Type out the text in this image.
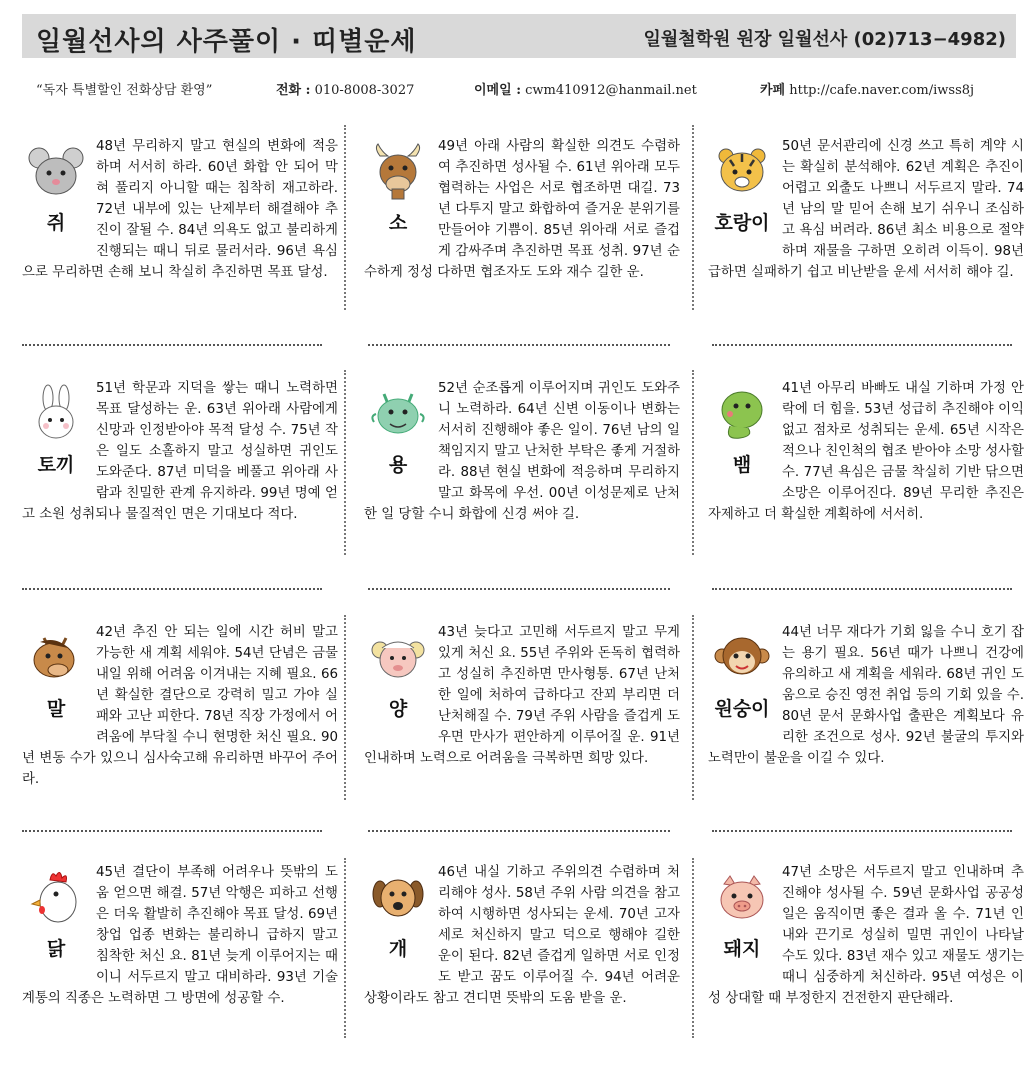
일월선사의 사주풀이 · 띠별운세	일월철학원 원장 일월선사 (02)713−4982)
“독자 특별할인 전화상담 환영”	전화 : 010-8008-3027	이메일 : cwm410912@hanmail.net	카페 http://cafe.naver.com/iwss8j
쥐

48년 무리하지 말고 현실의 변화에 적응하며 서서히 하라. 60년 화합 안 되어 막혀 풀리지 아니할 때는 침착히 재고하라. 72년 내부에 있는 난제부터 해결해야 추진이 잘될 수. 84년 의욕도 없고 불리하게 진행되는 때니 뒤로 물러서라. 96년 욕심으로 무리하면 손해 보니 착실히 추진하면 목표 달성.

소

49년 아래 사람의 확실한 의견도 수렴하여 추진하면 성사될 수. 61년 위아래 모두 협력하는 사업은 서로 협조하면 대길. 73년 다투지 말고 화합하여 즐거운 분위기를 만들어야 기쁨이. 85년 위아래 서로 즐겁게 감싸주며 추진하면 목표 성취. 97년 순수하게 정성 다하면 협조자도 도와 재수 길한 운.

호랑이

50년 문서관리에 신경 쓰고 특히 계약 시는 확실히 분석해야. 62년 계획은 추진이 어렵고 외출도 나쁘니 서두르지 말라. 74년 남의 말 믿어 손해 보기 쉬우니 조심하고 욕심 버려라. 86년 최소 비용으로 절약하며 재물을 구하면 오히려 이득이. 98년 급하면 실패하기 쉽고 비난받을 운세 서서히 해야 길.

토끼

51년 학문과 지덕을 쌓는 때니 노력하면 목표 달성하는 운. 63년 위아래 사람에게 신망과 인정받아야 목적 달성 수. 75년 작은 일도 소홀하지 말고 성실하면 귀인도 도와준다. 87년 미덕을 베풀고 위아래 사람과 친밀한 관계 유지하라. 99년 명예 얻고 소원 성취되나 물질적인 면은 기대보다 적다.

용

52년 순조롭게 이루어지며 귀인도 도와주니 노력하라. 64년 신변 이동이나 변화는 서서히 진행해야 좋은 일이. 76년 남의 일 책임지지 말고 난처한 부탁은 좋게 거절하라. 88년 현실 변화에 적응하며 무리하지 말고 화목에 우선. 00년 이성문제로 난처한 일 당할 수니 화합에 신경 써야 길.

뱀

41년 아무리 바빠도 내실 기하며 가정 안락에 더 힘을. 53년 성급히 추진해야 이익 없고 점차로 성취되는 운세. 65년 시작은 적으나 친인척의 협조 받아야 소망 성사할 수. 77년 욕심은 금물 착실히 기반 닦으면 소망은 이루어진다. 89년 무리한 추진은 자제하고 더 확실한 계획하에 서서히.

말

42년 추진 안 되는 일에 시간 허비 말고 가능한 새 계획 세워야. 54년 단념은 금물 내일 위해 어려움 이겨내는 지혜 필요. 66년 확실한 결단으로 강력히 밀고 가야 실패와 고난 피한다. 78년 직장 가정에서 어려움에 부닥칠 수니 현명한 처신 필요. 90년 변동 수가 있으니 심사숙고해 유리하면 바꾸어 주어라.

양

43년 늦다고 고민해 서두르지 말고 무게 있게 처신 요. 55년 주위와 돈독히 협력하고 성실히 추진하면 만사형통. 67년 난처한 일에 처하여 급하다고 잔꾀 부리면 더 난처해질 수. 79년 주위 사람을 즐겁게 도우면 만사가 편안하게 이루어질 운. 91년 인내하며 노력으로 어려움을 극복하면 희망 있다.

원숭이

44년 너무 재다가 기회 잃을 수니 호기 잡는 용기 필요. 56년 때가 나쁘니 건강에 유의하고 새 계획을 세워라. 68년 귀인 도움으로 승진 영전 취업 등의 기회 있을 수. 80년 문서 문화사업 출판은 계획보다 유리한 조건으로 성사. 92년 불굴의 투지와 노력만이 불운을 이길 수 있다.

닭

45년 결단이 부족해 어려우나 뜻밖의 도움 얻으면 해결. 57년 악행은 피하고 선행은 더욱 활발히 추진해야 목표 달성. 69년 창업 업종 변화는 불리하니 급하지 말고 침착한 처신 요. 81년 늦게 이루어지는 때이니 서두르지 말고 대비하라. 93년 기술계통의 직종은 노력하면 그 방면에 성공할 수.

개

46년 내실 기하고 주위의견 수렴하며 처리해야 성사. 58년 주위 사람 의견을 참고하여 시행하면 성사되는 운세. 70년 고자세로 처신하지 말고 덕으로 행해야 길한 운이 된다. 82년 즐겁게 일하면 서로 인정도 받고 꿈도 이루어질 수. 94년 어려운 상황이라도 참고 견디면 뜻밖의 도움 받을 운.

돼지

47년 소망은 서두르지 말고 인내하며 추진해야 성사될 수. 59년 문화사업 공공성 일은 움직이면 좋은 결과 올 수. 71년 인내와 끈기로 성실히 밀면 귀인이 나타날 수도 있다. 83년 재수 있고 재물도 생기는 때니 심중하게 처신하라. 95년 여성은 이성 상대할 때 부정한지 건전한지 판단해라.
